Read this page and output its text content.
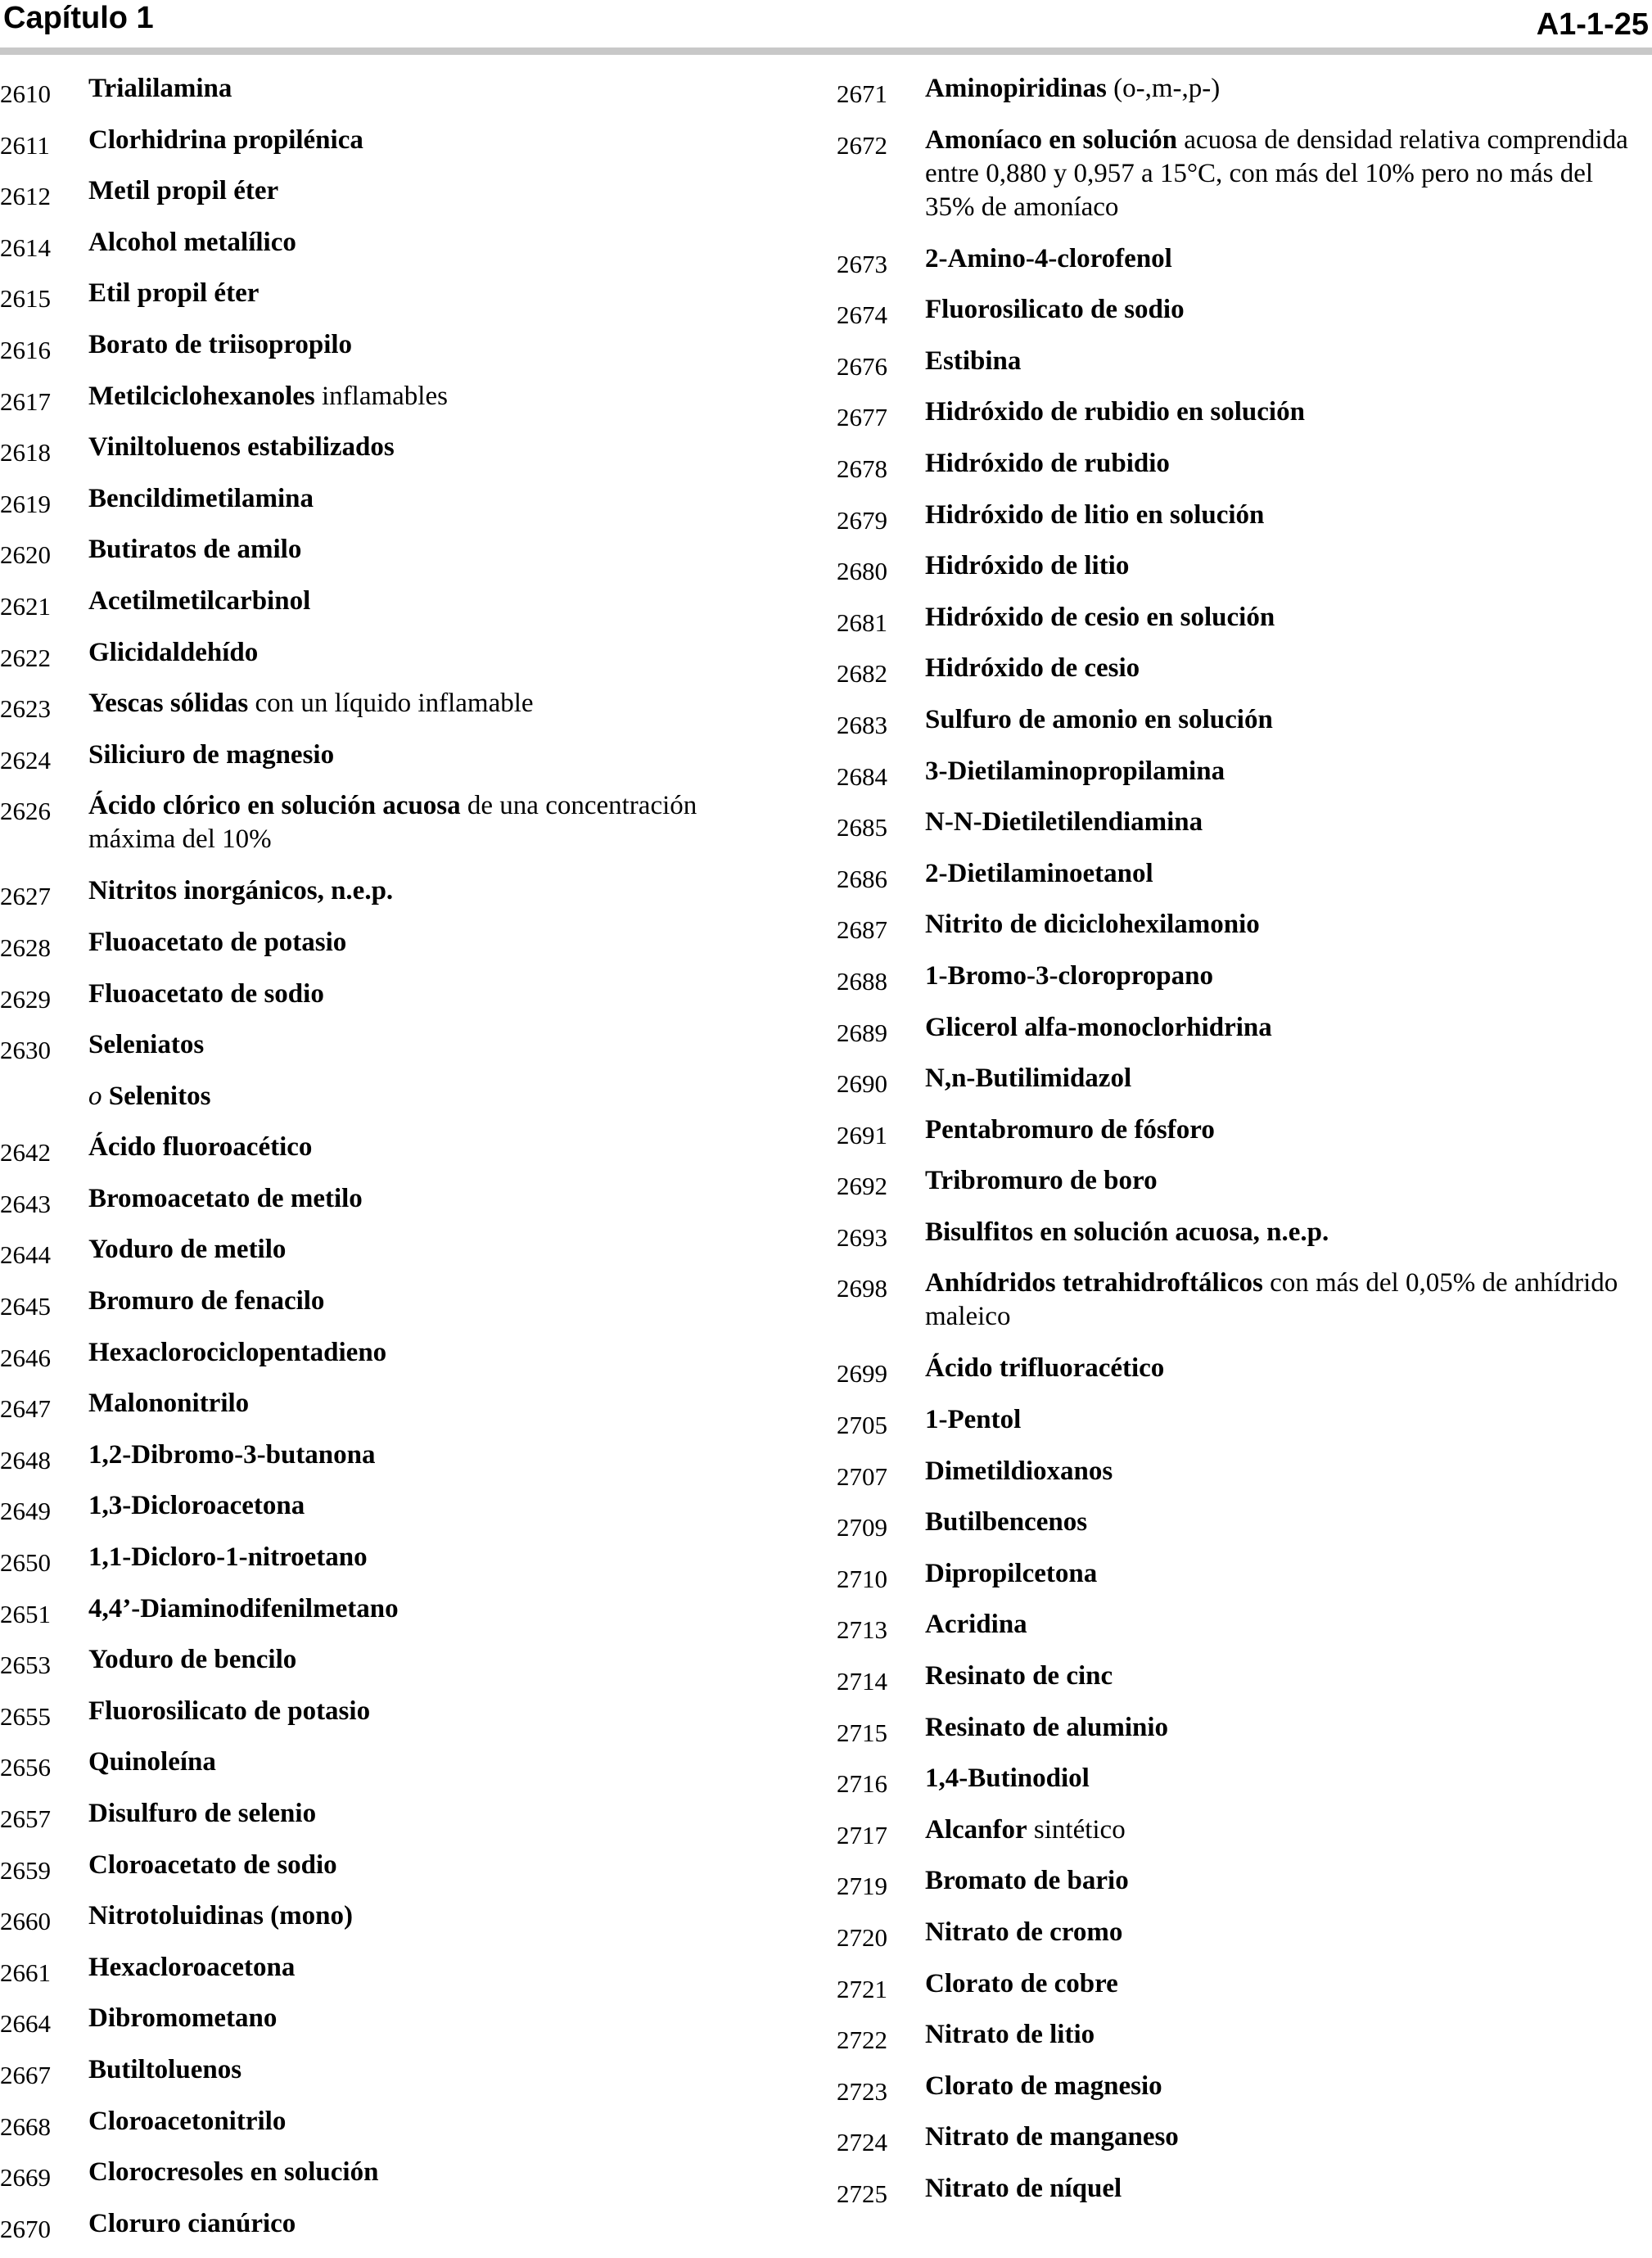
Capítulo 1	A1-1-25
2610	Trialilamina
2611	Clorhidrina propilénica
2612	Metil propil éter
2614	Alcohol metalílico
2615	Etil propil éter
2616	Borato de triisopropilo
2617	Metilciclohexanoles inflamables
2618	Viniltoluenos estabilizados
2619	Bencildimetilamina
2620	Butiratos de amilo
2621	Acetilmetilcarbinol
2622	Glicidaldehído
2623	Yescas sólidas con un líquido inflamable
2624	Siliciuro de magnesio
2626	Ácido clórico en solución acuosa de una concentración máxima del 10%
2627	Nitritos inorgánicos, n.e.p.
2628	Fluoacetato de potasio
2629	Fluoacetato de sodio
2630	Seleniatos
o Selenitos
2642	Ácido fluoroacético
2643	Bromoacetato de metilo
2644	Yoduro de metilo
2645	Bromuro de fenacilo
2646	Hexaclorociclopentadieno
2647	Malononitrilo
2648	1,2-Dibromo-3-butanona
2649	1,3-Dicloroacetona
2650	1,1-Dicloro-1-nitroetano
2651	4,4’-Diaminodifenilmetano
2653	Yoduro de bencilo
2655	Fluorosilicato de potasio
2656	Quinoleína
2657	Disulfuro de selenio
2659	Cloroacetato de sodio
2660	Nitrotoluidinas (mono)
2661	Hexacloroacetona
2664	Dibromometano
2667	Butiltoluenos
2668	Cloroacetonitrilo
2669	Clorocresoles en solución
2670	Cloruro cianúrico
2671	Aminopiridinas (o-,m-,p-)
2672	Amoníaco en solución acuosa de densidad relativa comprendida entre 0,880 y 0,957 a 15°C, con más del 10% pero no más del 35% de amoníaco
2673	2-Amino-4-clorofenol
2674	Fluorosilicato de sodio
2676	Estibina
2677	Hidróxido de rubidio en solución
2678	Hidróxido de rubidio
2679	Hidróxido de litio en solución
2680	Hidróxido de litio
2681	Hidróxido de cesio en solución
2682	Hidróxido de cesio
2683	Sulfuro de amonio en solución
2684	3-Dietilaminopropilamina
2685	N-N-Dietiletilendiamina
2686	2-Dietilaminoetanol
2687	Nitrito de diciclohexilamonio
2688	1-Bromo-3-cloropropano
2689	Glicerol alfa-monoclorhidrina
2690	N,n-Butilimidazol
2691	Pentabromuro de fósforo
2692	Tribromuro de boro
2693	Bisulfitos en solución acuosa, n.e.p.
2698	Anhídridos tetrahidroftálicos con más del 0,05% de anhídrido maleico
2699	Ácido trifluoracético
2705	1-Pentol
2707	Dimetildioxanos
2709	Butilbencenos
2710	Dipropilcetona
2713	Acridina
2714	Resinato de cinc
2715	Resinato de aluminio
2716	1,4-Butinodiol
2717	Alcanfor sintético
2719	Bromato de bario
2720	Nitrato de cromo
2721	Clorato de cobre
2722	Nitrato de litio
2723	Clorato de magnesio
2724	Nitrato de manganeso
2725	Nitrato de níquel
